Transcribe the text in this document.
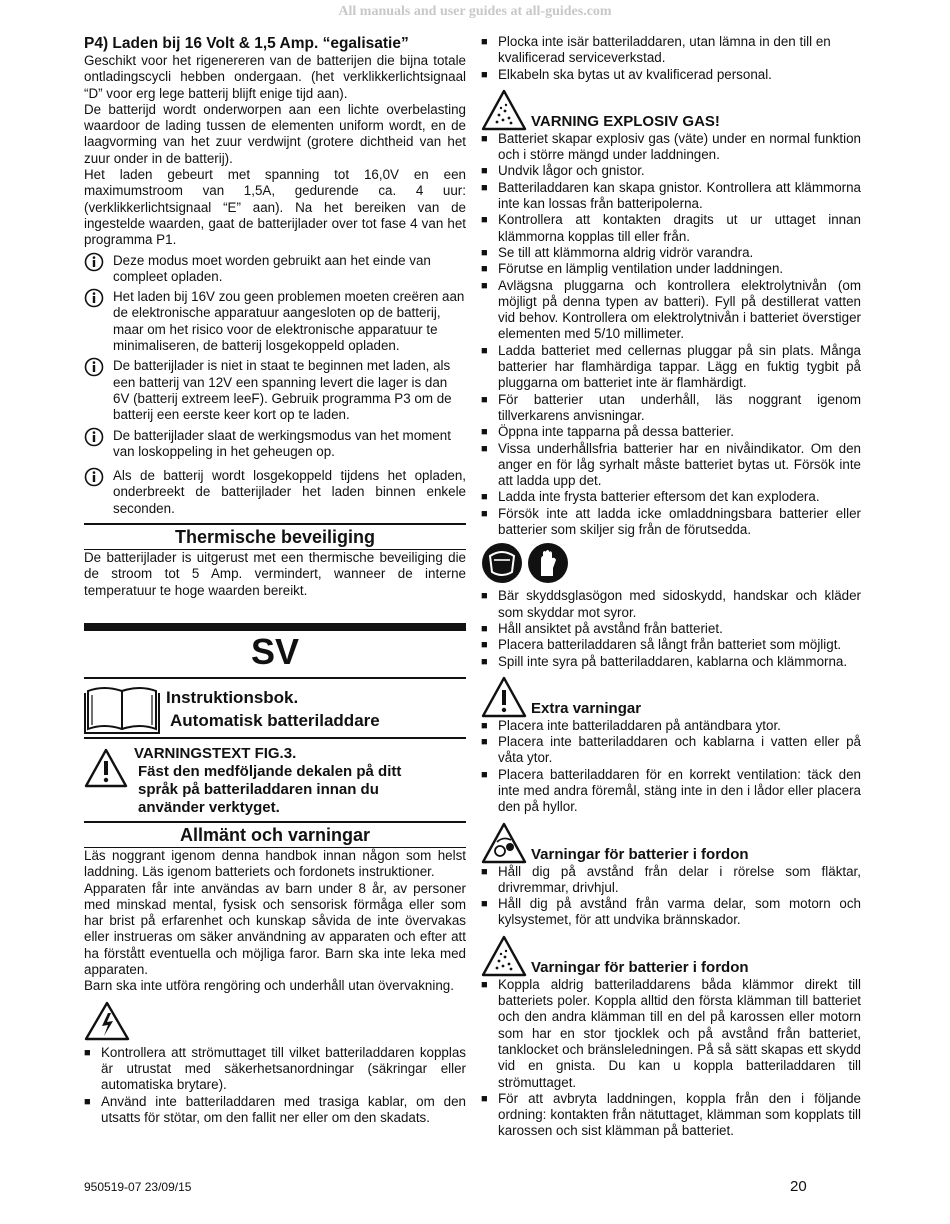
All manuals and user guides at all-guides.com
P4) Laden bij 16 Volt & 1,5 Amp. “egalisatie”

Geschikt voor het rigenereren van de batterijen die bijna totale ontladingscycli hebben ondergaan. (het verklikkerlichtsignaal “D” voor erg lege batterij blijft enige tijd aan).

De batterijd wordt onderworpen aan een lichte overbelasting waardoor de lading tussen de elementen uniform wordt, en de laagvorming van het zuur verdwijnt (grotere dichtheid van het zuur onder in de batterij).

Het laden gebeurt met spanning tot 16,0V en een maximumstroom van 1,5A, gedurende ca. 4 uur: (verklikkerlichtsignaal “E” aan). Na het bereiken van de ingestelde waarden, gaat de batterijlader over tot fase 4 van het programma P1.

Deze modus moet worden gebruikt aan het einde van compleet opladen.
Het laden bij 16V zou geen problemen moeten creëren aan de elektronische apparatuur aangesloten op de batterij, maar om het risico voor de elektronische apparatuur te minimaliseren, de batterij losgekoppeld opladen.
De batterijlader is niet in staat te beginnen met laden, als een batterij van 12V een spanning levert die lager is dan 6V (batterij extreem leeF). Gebruik programma P3 om de batterij een eerste keer kort op te laden.
De batterijlader slaat de werkingsmodus van het moment van loskoppeling in het geheugen op.
Als de batterij wordt losgekoppeld tijdens het opladen, onderbreekt de batterijlader het laden binnen enkele seconden.
Thermische beveiliging

De batterijlader is uitgerust met een thermische beveiliging die de stroom tot 5 Amp. vermindert, wanneer de interne temperatuur te hoge waarden bereikt.

SV
Instruktionsbok.
Automatisk batteriladdare
VARNINGSTEXT FIG.3.
Fäst den medföljande dekalen på ditt språk på batteriladdaren innan du använder verktyget.
Allmänt och varningar

Läs noggrant igenom denna handbok innan någon som helst laddning. Läs igenom batteriets och fordonets instruktioner.

Apparaten får inte användas av barn under 8 år, av personer med minskad mental, fysisk och sensorisk förmåga eller som har brist på erfarenhet och kunskap såvida de inte övervakas eller instrueras om säker användning av apparaten och efter att ha förstått eventuella och möjliga faror. Barn ska inte leka med apparaten.

Barn ska inte utföra rengöring och underhåll utan övervakning.

■ Kontrollera att strömuttaget till vilket batteriladdaren kopplas är utrustat med säkerhetsanordningar (säkringar eller automatiska brytare).
■ Använd inte batteriladdaren med trasiga kablar, om den utsatts för stötar, om den fallit ner eller om den skadats.
■ Plocka inte isär batteriladdaren, utan lämna in den till en kvalificerad serviceverkstad.
■ Elkabeln ska bytas ut av kvalificerad personal.
VARNING EXPLOSIV GAS!
■ Batteriet skapar explosiv gas (väte) under en normal funktion och i större mängd under laddningen.
■ Undvik lågor och gnistor.
■ Batteriladdaren kan skapa gnistor. Kontrollera att klämmorna inte kan lossas från batteripolerna.
■ Kontrollera att kontakten dragits ut ur uttaget innan klämmorna kopplas till eller från.
■ Se till att klämmorna aldrig vidrör varandra.
■ Förutse en lämplig ventilation under laddningen.
■ Avlägsna pluggarna och kontrollera elektrolytnivån (om möjligt på denna typen av batteri). Fyll på destillerat vatten vid behov. Kontrollera om elektrolytnivån i batteriet överstiger elementen med 5/10 millimeter.
■ Ladda batteriet med cellernas pluggar på sin plats. Många batterier har flamhärdiga tappar. Lägg en fuktig tygbit på pluggarna om batteriet inte är flamhärdigt.
■ För batterier utan underhåll, läs noggrant igenom tillverkarens anvisningar.
■ Öppna inte tapparna på dessa batterier.
■ Vissa underhållsfria batterier har en nivåindikator. Om den anger en för låg syrhalt måste batteriet bytas ut. Försök inte att ladda upp det.
■ Ladda inte frysta batterier eftersom det kan explodera.
■ Försök inte att ladda icke omladdningsbara batterier eller batterier som skiljer sig från de förutsedda.
■ Bär skyddsglasögon med sidoskydd, handskar och kläder som skyddar mot syror.
■ Håll ansiktet på avstånd från batteriet.
■ Placera batteriladdaren så långt från batteriet som möjligt.
■ Spill inte syra på batteriladdaren, kablarna och klämmorna.
Extra varningar
■ Placera inte batteriladdaren på antändbara ytor.
■ Placera inte batteriladdaren och kablarna i vatten eller på våta ytor.
■ Placera batteriladdaren för en korrekt ventilation: täck den inte med andra föremål, stäng inte in den i lådor eller placera den på hyllor.
Varningar för batterier i fordon
■ Håll dig på avstånd från delar i rörelse som fläktar, drivremmar, drivhjul.
■ Håll dig på avstånd från varma delar, som motorn och kylsystemet, för att undvika brännskador.
Varningar för batterier i fordon
■ Koppla aldrig batteriladdarens båda klämmor direkt till batteriets poler. Koppla alltid den första klämman till batteriet och den andra klämman till en del på karossen eller motorn som har en stor tjocklek och på avstånd från batteriet, tanklocket och bränsleledningen. På så sätt skapas ett skydd vid en gnista. Du kan u koppla batteriladdaren till strömuttaget.
■ För att avbryta laddningen, koppla från den i följande ordning: kontakten från nätuttaget, klämman som kopplats till karossen och sist klämman på batteriet.
950519-07 23/09/15	20
